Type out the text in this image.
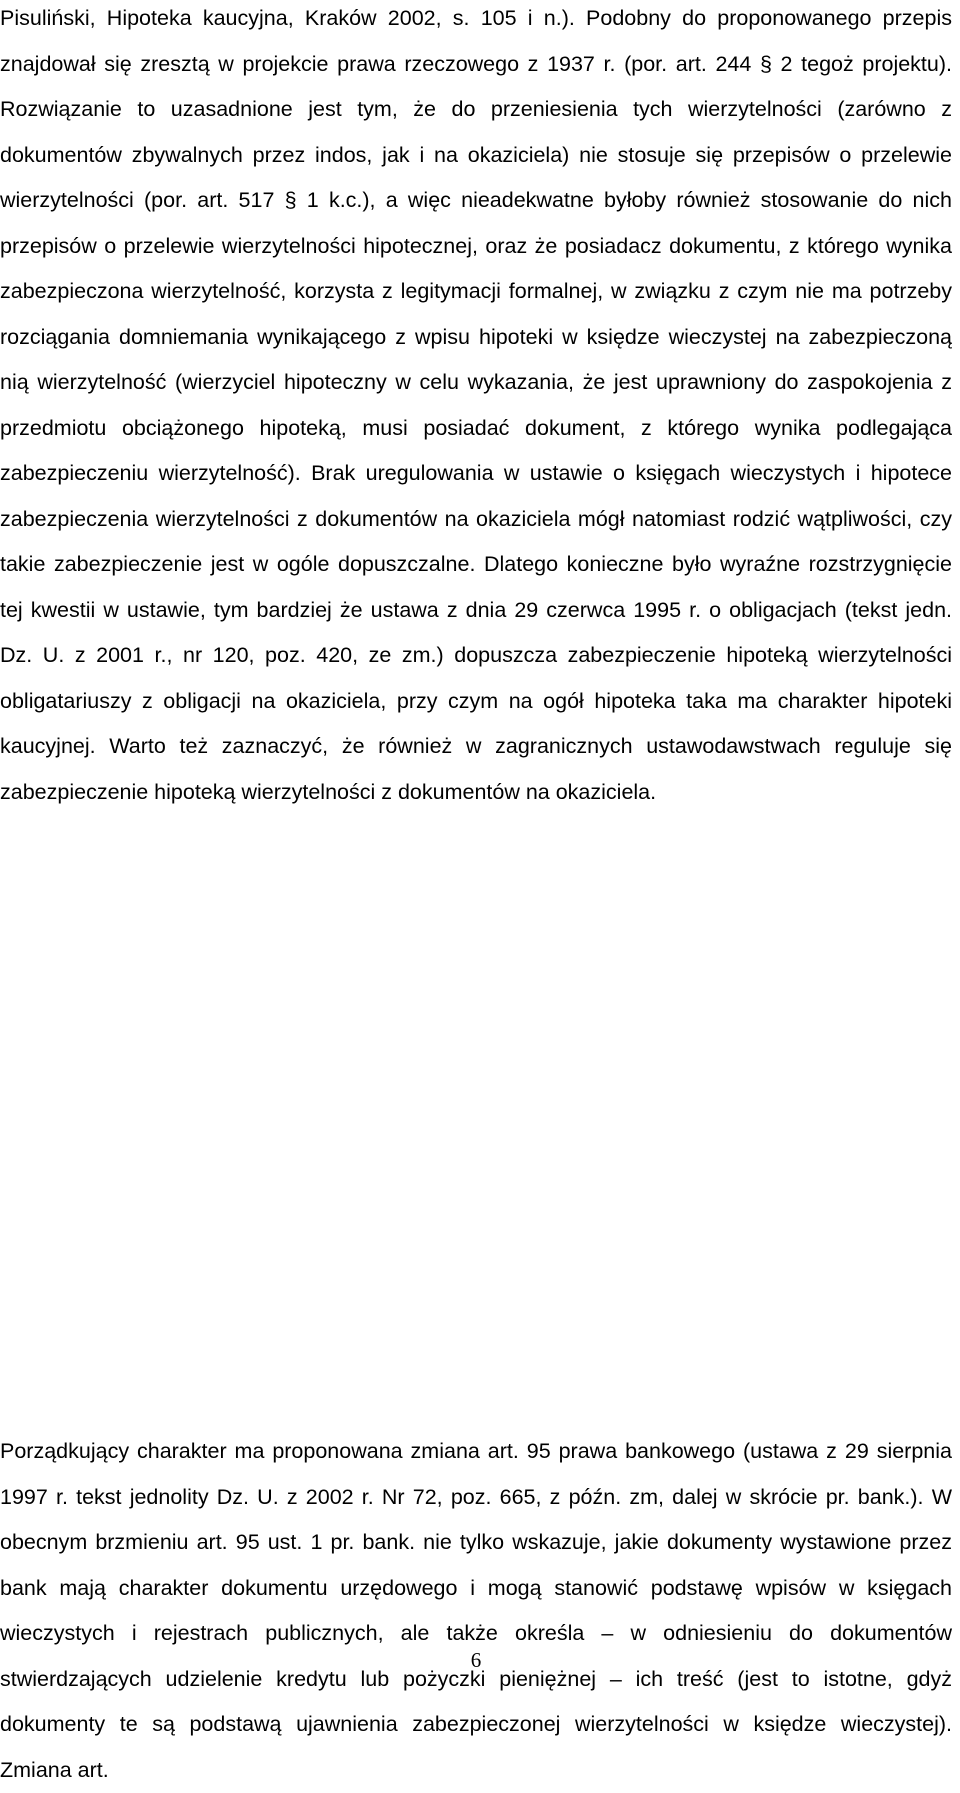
Pisuliński, Hipoteka kaucyjna, Kraków 2002, s. 105 i n.). Podobny do proponowanego przepis znajdował się zresztą w projekcie prawa rzeczowego z 1937 r. (por. art. 244 § 2 tegoż projektu). Rozwiązanie to uzasadnione jest tym, że do przeniesienia tych wierzytelności (zarówno z dokumentów zbywalnych przez indos, jak i na okaziciela) nie stosuje się przepisów o przelewie wierzytelności (por. art. 517 § 1 k.c.), a więc nieadekwatne byłoby również stosowanie do nich przepisów o przelewie wierzytelności hipotecznej, oraz że posiadacz dokumentu, z którego wynika zabezpieczona wierzytelność, korzysta z legitymacji formalnej, w związku z czym nie ma potrzeby rozciągania domniemania wynikającego z wpisu hipoteki w księdze wieczystej na zabezpieczoną nią wierzytelność (wierzyciel hipoteczny w celu wykazania, że jest uprawniony do zaspokojenia z przedmiotu obciążonego hipoteką, musi posiadać dokument, z którego wynika podlegająca zabezpieczeniu wierzytelność). Brak uregulowania w ustawie o księgach wieczystych i hipotece zabezpieczenia wierzytelności z dokumentów na okaziciela mógł natomiast rodzić wątpliwości, czy takie zabezpieczenie jest w ogóle dopuszczalne. Dlatego konieczne było wyraźne rozstrzygnięcie tej kwestii w ustawie, tym bardziej że ustawa z dnia 29 czerwca 1995 r. o obligacjach (tekst jedn. Dz. U. z 2001 r., nr 120, poz. 420, ze zm.) dopuszcza zabezpieczenie hipoteką wierzytelności obligatariuszy z obligacji na okaziciela, przy czym na ogół hipoteka taka ma charakter hipoteki kaucyjnej. Warto też zaznaczyć, że również w zagranicznych ustawodawstwach reguluje się zabezpieczenie hipoteką wierzytelności z dokumentów na okaziciela.

Porządkujący charakter ma proponowana zmiana art. 95 prawa bankowego (ustawa z 29 sierpnia 1997 r. tekst jednolity Dz. U. z 2002 r. Nr 72, poz. 665, z późn. zm, dalej w skrócie pr. bank.). W obecnym brzmieniu art. 95 ust. 1 pr. bank. nie tylko wskazuje, jakie dokumenty wystawione przez bank mają charakter dokumentu urzędowego i mogą stanowić podstawę wpisów w księgach wieczystych i rejestrach publicznych, ale także określa – w odniesieniu do dokumentów stwierdzających udzielenie kredytu lub pożyczki pieniężnej – ich treść (jest to istotne, gdyż dokumenty te są podstawą ujawnienia zabezpieczonej wierzytelności w księdze wieczystej). Zmiana art.

6
